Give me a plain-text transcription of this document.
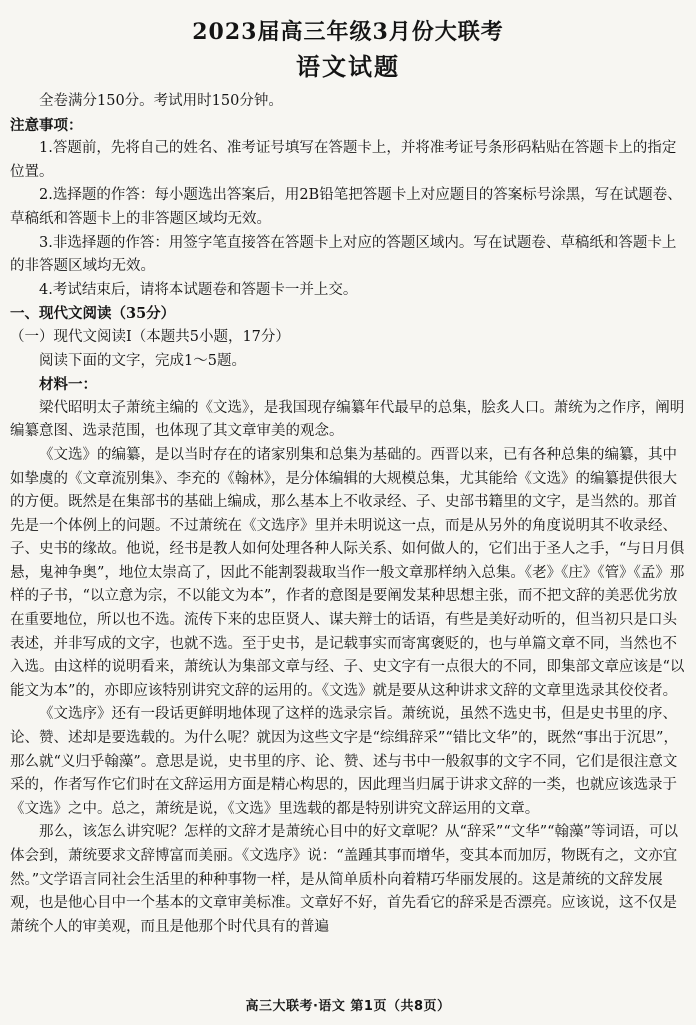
2023届高三年级3月份大联考
语文试题

全卷满分150分。考试用时150分钟。

注意事项：

1.答题前，先将自己的姓名、准考证号填写在答题卡上，并将准考证号条形码粘贴在答题卡上的指定位置。

2.选择题的作答：每小题选出答案后，用2B铅笔把答题卡上对应题目的答案标号涂黑，写在试题卷、草稿纸和答题卡上的非答题区域均无效。

3.非选择题的作答：用签字笔直接答在答题卡上对应的答题区域内。写在试题卷、草稿纸和答题卡上的非答题区域均无效。

4.考试结束后，请将本试题卷和答题卡一并上交。

一、现代文阅读（35分）

（一）现代文阅读Ⅰ（本题共5小题，17分）

阅读下面的文字，完成1～5题。

材料一：

梁代昭明太子萧统主编的《文选》，是我国现存编纂年代最早的总集，脍炙人口。萧统为之作序，阐明编纂意图、选录范围，也体现了其文章审美的观念。

《文选》的编纂，是以当时存在的诸家别集和总集为基础的。西晋以来，已有各种总集的编纂，其中如挚虞的《文章流别集》、李充的《翰林》，是分体编辑的大规模总集，尤其能给《文选》的编纂提供很大的方便。既然是在集部书的基础上编成，那么基本上不收录经、子、史部书籍里的文字，是当然的。那首先是一个体例上的问题。不过萧统在《文选序》里并未明说这一点，而是从另外的角度说明其不收录经、子、史书的缘故。他说，经书是教人如何处理各种人际关系、如何做人的，它们出于圣人之手，“与日月俱悬，鬼神争奥”，地位太崇高了，因此不能割裂裁取当作一般文章那样纳入总集。《老》《庄》《管》《孟》那样的子书，“以立意为宗，不以能文为本”，作者的意图是要阐发某种思想主张，而不把文辞的美恶优劣放在重要地位，所以也不选。流传下来的忠臣贤人、谋夫辩士的话语，有些是美好动听的，但当初只是口头表述，并非写成的文字，也就不选。至于史书，是记载事实而寄寓褒贬的，也与单篇文章不同，当然也不入选。由这样的说明看来，萧统认为集部文章与经、子、史文字有一点很大的不同，即集部文章应该是“以能文为本”的，亦即应该特别讲究文辞的运用的。《文选》就是要从这种讲求文辞的文章里选录其佼佼者。

《文选序》还有一段话更鲜明地体现了这样的选录宗旨。萧统说，虽然不选史书，但是史书里的序、论、赞、述却是要选载的。为什么呢？就因为这些文字是“综缉辞采”“错比文华”的，既然“事出于沉思”，那么就“义归乎翰藻”。意思是说，史书里的序、论、赞、述与书中一般叙事的文字不同，它们是很注意文采的，作者写作它们时在文辞运用方面是精心构思的，因此理当归属于讲求文辞的一类，也就应该选录于《文选》之中。总之，萧统是说，《文选》里选载的都是特别讲究文辞运用的文章。

那么，该怎么讲究呢？怎样的文辞才是萧统心目中的好文章呢？从“辞采”“文华”“翰藻”等词语，可以体会到，萧统要求文辞博富而美丽。《文选序》说：“盖踵其事而增华，变其本而加厉，物既有之，文亦宜然。”文学语言同社会生活里的种种事物一样，是从简单质朴向着精巧华丽发展的。这是萧统的文辞发展观，也是他心目中一个基本的文章审美标准。文章好不好，首先看它的辞采是否漂亮。应该说，这不仅是萧统个人的审美观，而且是他那个时代具有的普遍

高三大联考·语文 第1页（共8页）
